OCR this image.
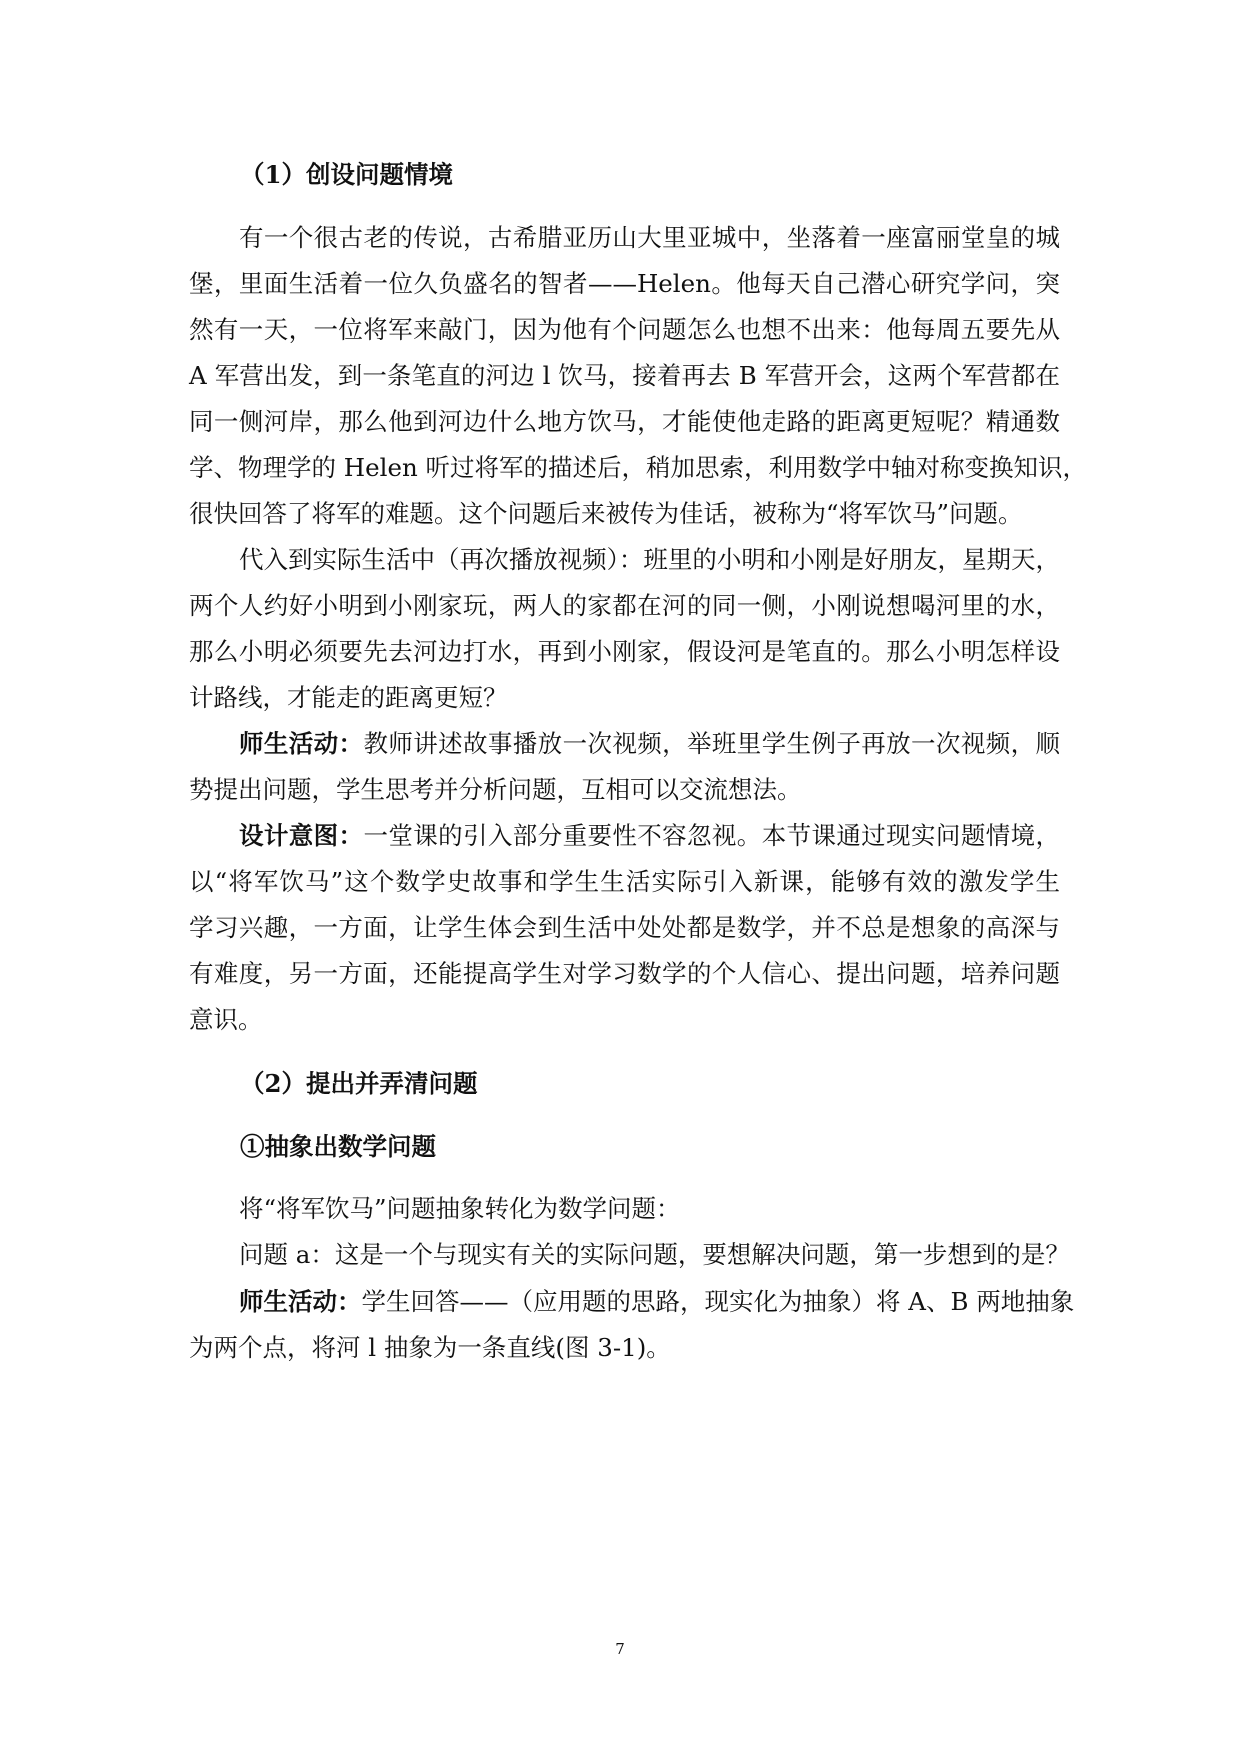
（1）创设问题情境
有一个很古老的传说，古希腊亚历山大里亚城中，坐落着一座富丽堂皇的城
堡，里面生活着一位久负盛名的智者——Helen。他每天自己潜心研究学问，突
然有一天，一位将军来敲门，因为他有个问题怎么也想不出来：他每周五要先从
A 军营出发，到一条笔直的河边 l 饮马，接着再去 B 军营开会，这两个军营都在
同一侧河岸，那么他到河边什么地方饮马，才能使他走路的距离更短呢？精通数
学、物理学的 Helen 听过将军的描述后，稍加思索，利用数学中轴对称变换知识，
很快回答了将军的难题。这个问题后来被传为佳话，被称为“将军饮马”问题。
代入到实际生活中（再次播放视频）：班里的小明和小刚是好朋友，星期天，
两个人约好小明到小刚家玩，两人的家都在河的同一侧，小刚说想喝河里的水，
那么小明必须要先去河边打水，再到小刚家，假设河是笔直的。那么小明怎样设
计路线，才能走的距离更短？
师生活动：教师讲述故事播放一次视频，举班里学生例子再放一次视频，顺
势提出问题，学生思考并分析问题，互相可以交流想法。
设计意图：一堂课的引入部分重要性不容忽视。本节课通过现实问题情境，
以“将军饮马”这个数学史故事和学生生活实际引入新课，能够有效的激发学生
学习兴趣，一方面，让学生体会到生活中处处都是数学，并不总是想象的高深与
有难度，另一方面，还能提高学生对学习数学的个人信心、提出问题，培养问题
意识。
（2）提出并弄清问题
①抽象出数学问题
将“将军饮马”问题抽象转化为数学问题：
问题 a：这是一个与现实有关的实际问题，要想解决问题，第一步想到的是？
师生活动：学生回答——（应用题的思路，现实化为抽象）将 A、B 两地抽象
为两个点，将河 l 抽象为一条直线(图 3-1)。
7
